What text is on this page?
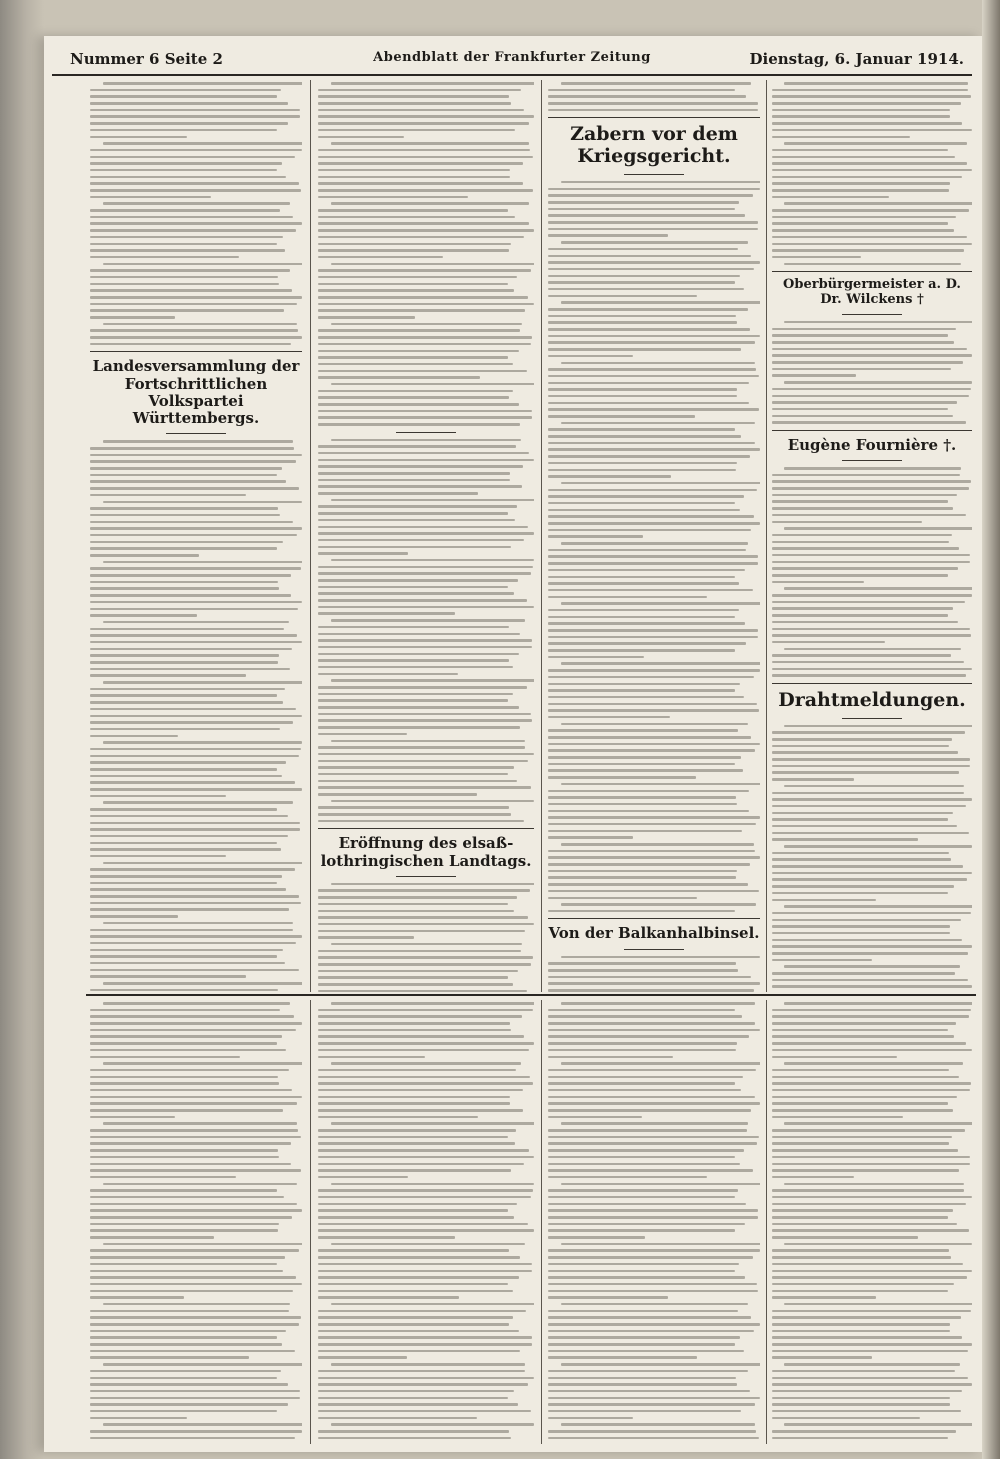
Nummer 6 Seite 2	Abendblatt der Frankfurter Zeitung	Dienstag, 6. Januar 1914.
Landesversammlung der Fortschrittlichen Volkspartei Württembergs.
Eröffnung des elsaß-lothringischen Landtags.
Zabern vor dem Kriegsgericht.
Von der Balkanhalbinsel.
Oberbürgermeister a. D. Dr. Wilckens †
Eugène Fournière †.
Drahtmeldungen.
